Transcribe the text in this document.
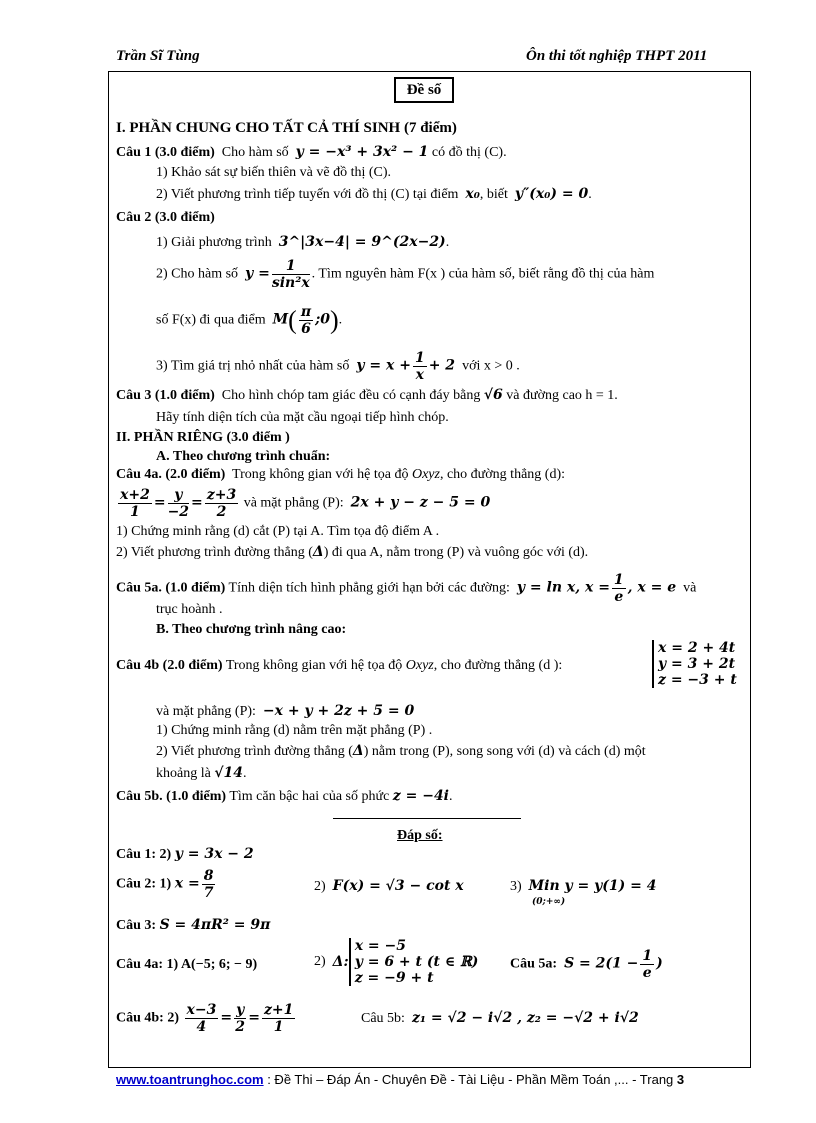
Trần Sĩ Tùng	Ôn thi tốt nghiệp THPT 2011
Đề số
I. PHẦN CHUNG CHO TẤT CẢ THÍ SINH (7 điểm)
Câu 1 (3.0 điểm) Cho hàm số y = −x³ + 3x² − 1 có đồ thị (C).
1) Khảo sát sự biến thiên và vẽ đồ thị (C).
2) Viết phương trình tiếp tuyến với đồ thị (C) tại điểm x₀, biết y″(x₀) = 0.
Câu 2 (3.0 điểm)
1) Giải phương trình 3^|3x−4| = 9^(2x−2).
2) Cho hàm số $y = \frac{1}{\text{sin²x}}$ . Tìm nguyên hàm F(x ) của hàm số, biết rằng đồ thị của hàm
số F(x) đi qua điểm $M( \frac{\pi}{6}$ ;0).
3) Tìm giá trị nhỏ nhất của hàm số $y = x + \frac{1}{x} + 2$ với x > 0 .
Câu 3 (1.0 điểm) Cho hình chóp tam giác đều có cạnh đáy bằng √6 và đường cao h = 1.
Hãy tính diện tích của mặt cầu ngoại tiếp hình chóp.
II. PHẦN RIÊNG (3.0 điểm )
A. Theo chương trình chuẩn:
Câu 4a. (2.0 điểm) Trong không gian với hệ tọa độ Oxyz, cho đường thẳng (d):
$\frac{x+2}{1} = \frac{y}{-2} = \frac{z+3}{2}$ và mặt phẳng (P): 2x + y − z − 5 = 0
1) Chứng minh rằng (d) cắt (P) tại A. Tìm tọa độ điểm A .
2) Viết phương trình đường thẳng (Δ) đi qua A, nằm trong (P) và vuông góc với (d).
Câu 5a. (1.0 điểm) Tính diện tích hình phẳng giới hạn bởi các đường: y = ln x, $x = \frac{1}{e}$ , x = e và
trục hoành .
B. Theo chương trình nâng cao:
Câu 4b (2.0 điểm) Trong không gian với hệ tọa độ Oxyz, cho đường thẳng (d ):
x = 2 + 4t
y = 3 + 2t
z = −3 + t
và mặt phẳng (P): −x + y + 2z + 5 = 0
1) Chứng minh rằng (d) nằm trên mặt phẳng (P) .
2) Viết phương trình đường thẳng (Δ) nằm trong (P), song song với (d) và cách (d) một
khoảng là √14.
Câu 5b. (1.0 điểm) Tìm căn bậc hai của số phức z = −4i.
Đáp số:
Câu 1: 2) y = 3x − 2
Câu 2: 1) $x = \frac{8}{7}$	2) F(x) = √3 − cot x	3) Min y = y(1) = 4
(0;+∞)
Câu 3: S = 4πR² = 9π
Câu 4a: 1) A(−5; 6; − 9)	2) Δ:
x = −5
y = 6 + t (t ∈ ℝ)
z = −9 + t
Câu 5a: $S = 2(1 - \frac{1}{e}$ )
Câu 4b: $2) \frac{x-3}{4} = \frac{y}{2} = \frac{z+1}{1}$	Câu 5b: z₁ = √2 − i√2 , z₂ = −√2 + i√2
www.toantrunghoc.com : Đề Thi – Đáp Án - Chuyên Đề - Tài Liệu - Phần Mềm Toán ,... - Trang 3
